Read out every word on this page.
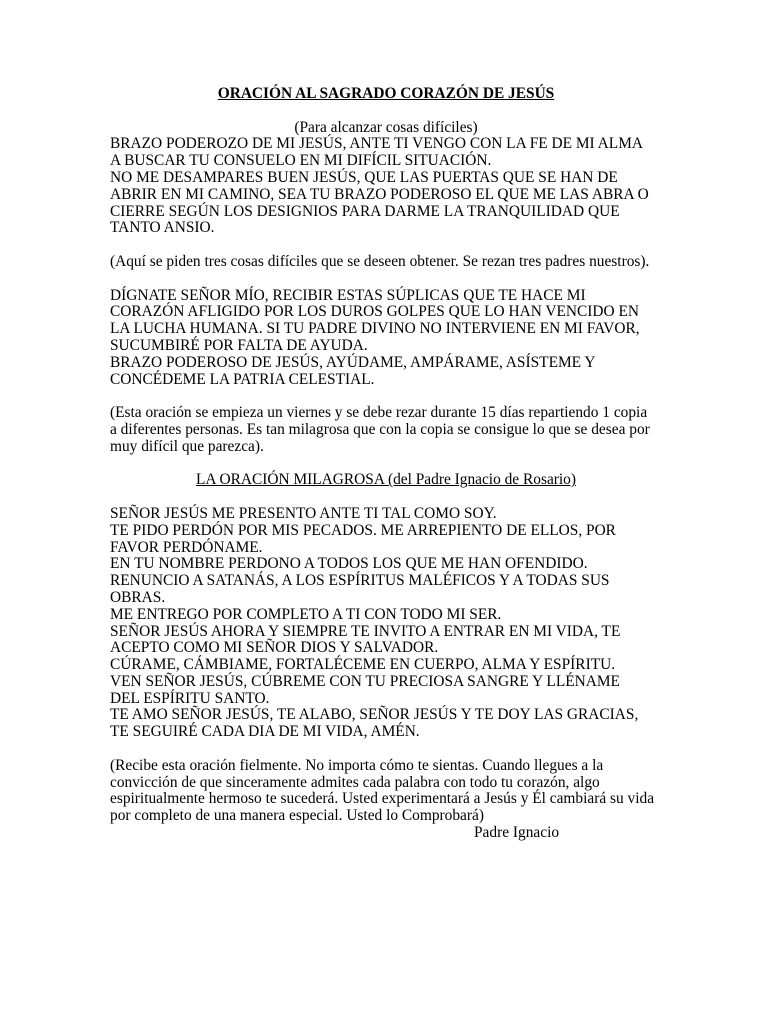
ORACIÓN AL SAGRADO CORAZÓN DE JESÚS
(Para alcanzar cosas difíciles)
BRAZO PODEROZO DE MI JESÚS, ANTE TI VENGO CON LA FE DE MI ALMA
A BUSCAR TU CONSUELO EN MI DIFÍCIL SITUACIÓN.
NO ME DESAMPARES BUEN JESÚS, QUE LAS PUERTAS QUE SE HAN DE
ABRIR EN MI CAMINO, SEA TU BRAZO PODEROSO EL QUE ME LAS ABRA O
CIERRE SEGÚN LOS DESIGNIOS PARA DARME LA TRANQUILIDAD QUE
TANTO ANSIO.
(Aquí se piden tres cosas difíciles que se deseen obtener. Se rezan tres padres nuestros).
DÍGNATE SEÑOR MÍO, RECIBIR ESTAS SÚPLICAS QUE TE HACE MI
CORAZÓN AFLIGIDO POR LOS DUROS GOLPES QUE LO HAN VENCIDO EN
LA LUCHA HUMANA. SI TU PADRE DIVINO NO INTERVIENE EN MI FAVOR,
SUCUMBIRÉ POR FALTA DE AYUDA.
BRAZO PODEROSO DE JESÚS, AYÚDAME, AMPÁRAME, ASÍSTEME Y
CONCÉDEME LA PATRIA CELESTIAL.
(Esta oración se empieza un viernes y se debe rezar durante 15 días repartiendo 1 copia
a diferentes personas. Es tan milagrosa que con la copia se consigue lo que se desea por
muy difícil que parezca).
LA ORACIÓN MILAGROSA (del Padre Ignacio de Rosario)
SEÑOR JESÚS ME PRESENTO ANTE TI TAL COMO SOY.
TE PIDO PERDÓN POR MIS PECADOS. ME ARREPIENTO DE ELLOS, POR
FAVOR PERDÓNAME.
EN TU NOMBRE PERDONO A TODOS LOS QUE ME HAN OFENDIDO.
RENUNCIO A SATANÁS, A LOS ESPÍRITUS MALÉFICOS Y A TODAS SUS
OBRAS.
ME ENTREGO POR COMPLETO A TI CON TODO MI SER.
SEÑOR JESÚS AHORA Y SIEMPRE TE INVITO A ENTRAR EN MI VIDA, TE
ACEPTO COMO MI SEÑOR DIOS Y SALVADOR.
CÚRAME, CÁMBIAME, FORTALÉCEME EN CUERPO, ALMA Y ESPÍRITU.
VEN SEÑOR JESÚS, CÚBREME CON TU PRECIOSA SANGRE Y LLÉNAME
DEL ESPÍRITU SANTO.
TE AMO SEÑOR JESÚS, TE ALABO, SEÑOR JESÚS Y TE DOY LAS GRACIAS,
TE SEGUIRÉ CADA DIA DE MI VIDA, AMÉN.
(Recibe esta oración fielmente. No importa cómo te sientas. Cuando llegues a la
convicción de que sinceramente admites cada palabra con todo tu corazón, algo
espiritualmente hermoso te sucederá. Usted experimentará a Jesús y Él cambiará su vida
por completo de una manera especial. Usted lo Comprobará)
Padre Ignacio
